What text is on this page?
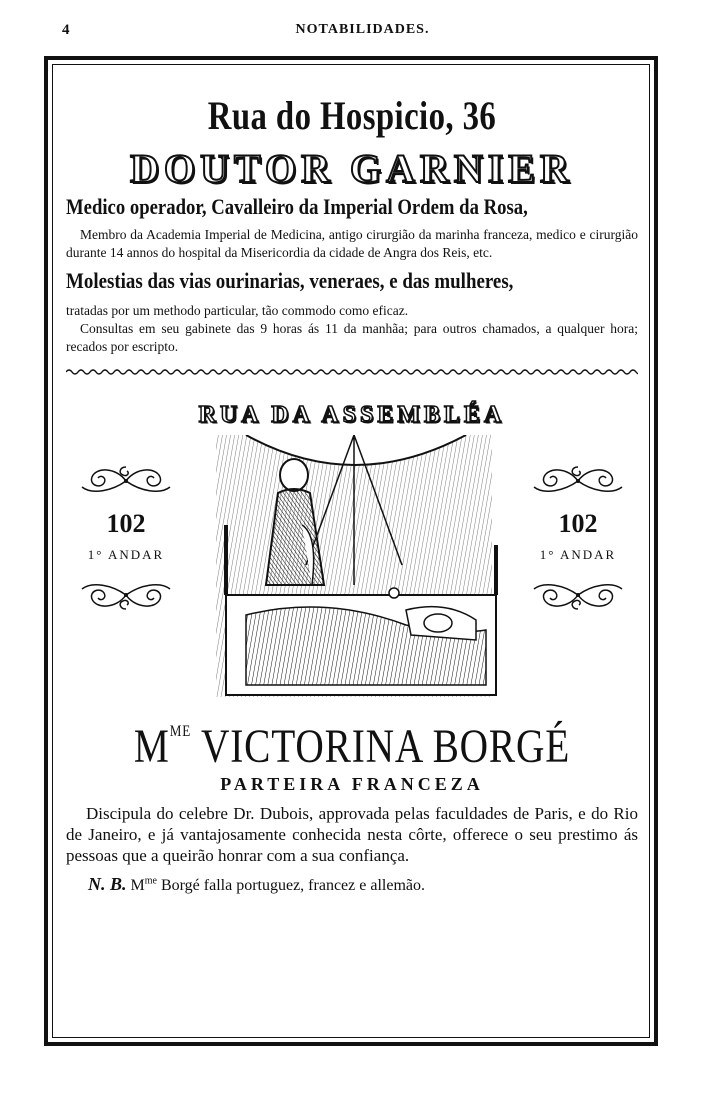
4	NOTABILIDADES.
Rua do Hospicio, 36
DOUTOR GARNIER
Medico operador, Cavalleiro da Imperial Ordem da Rosa,
Membro da Academia Imperial de Medicina, antigo cirurgião da marinha franceza, medico e cirurgião durante 14 annos do hospital da Misericordia da cidade de Angra dos Reis, etc.
Molestias das vias ourinarias, veneraes, e das mulheres,
tratadas por um methodo particular, tão commodo como eficaz.
Consultas em seu gabinete das 9 horas ás 11 da manhãa; para outros chamados, a qualquer hora; recados por escripto.
RUA DA ASSEMBLÉA
102
1° ANDAR
102
1° ANDAR
$M^{ME}$ VICTORINA BORGÉ
PARTEIRA FRANCEZA
Discipula do celebre Dr. Dubois, approvada pelas faculdades de Paris, e do Rio de Janeiro, e já vantajosamente conhecida nesta côrte, offerece o seu prestimo ás pessoas que a queirão honrar com a sua confiança.
N. B. $M^{me}$ Borgé falla portuguez, francez e allemão.
